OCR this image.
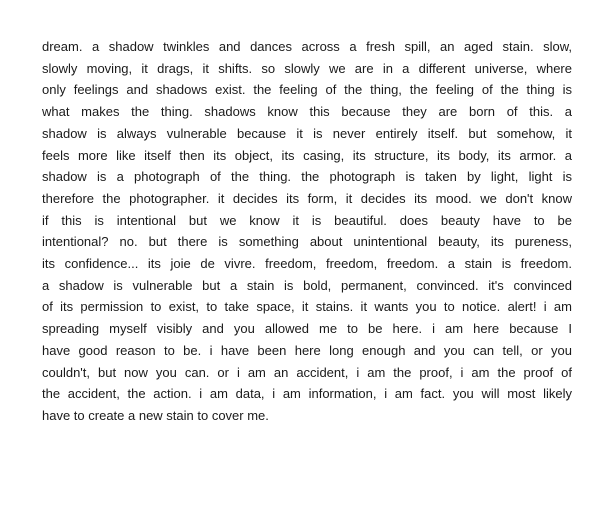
dream. a shadow twinkles and dances across a fresh spill, an aged stain. slow,
slowly moving, it drags, it shifts. so slowly we are in a different universe, where
only feelings and shadows exist. the feeling of the thing, the feeling of the thing is
what makes the thing. shadows know this because they are born of this. a
shadow is always vulnerable because it is never entirely itself. but somehow, it
feels more like itself then its object, its casing, its structure, its body, its armor. a
shadow is a photograph of the thing. the photograph is taken by light, light is
therefore the photographer. it decides its form, it decides its mood. we don't know
if this is intentional but we know it is beautiful. does beauty have to be
intentional? no. but there is something about unintentional beauty, its pureness,
its confidence... its joie de vivre. freedom, freedom, freedom. a stain is freedom.
a shadow is vulnerable but a stain is bold, permanent, convinced. it's convinced
of its permission to exist, to take space, it stains. it wants you to notice. alert! i am
spreading myself visibly and you allowed me to be here. i am here because I
have good reason to be. i have been here long enough and you can tell, or you
couldn't, but now you can. or i am an accident, i am the proof, i am the proof of
the accident, the action. i am data, i am information, i am fact. you will most likely
have to create a new stain to cover me.
